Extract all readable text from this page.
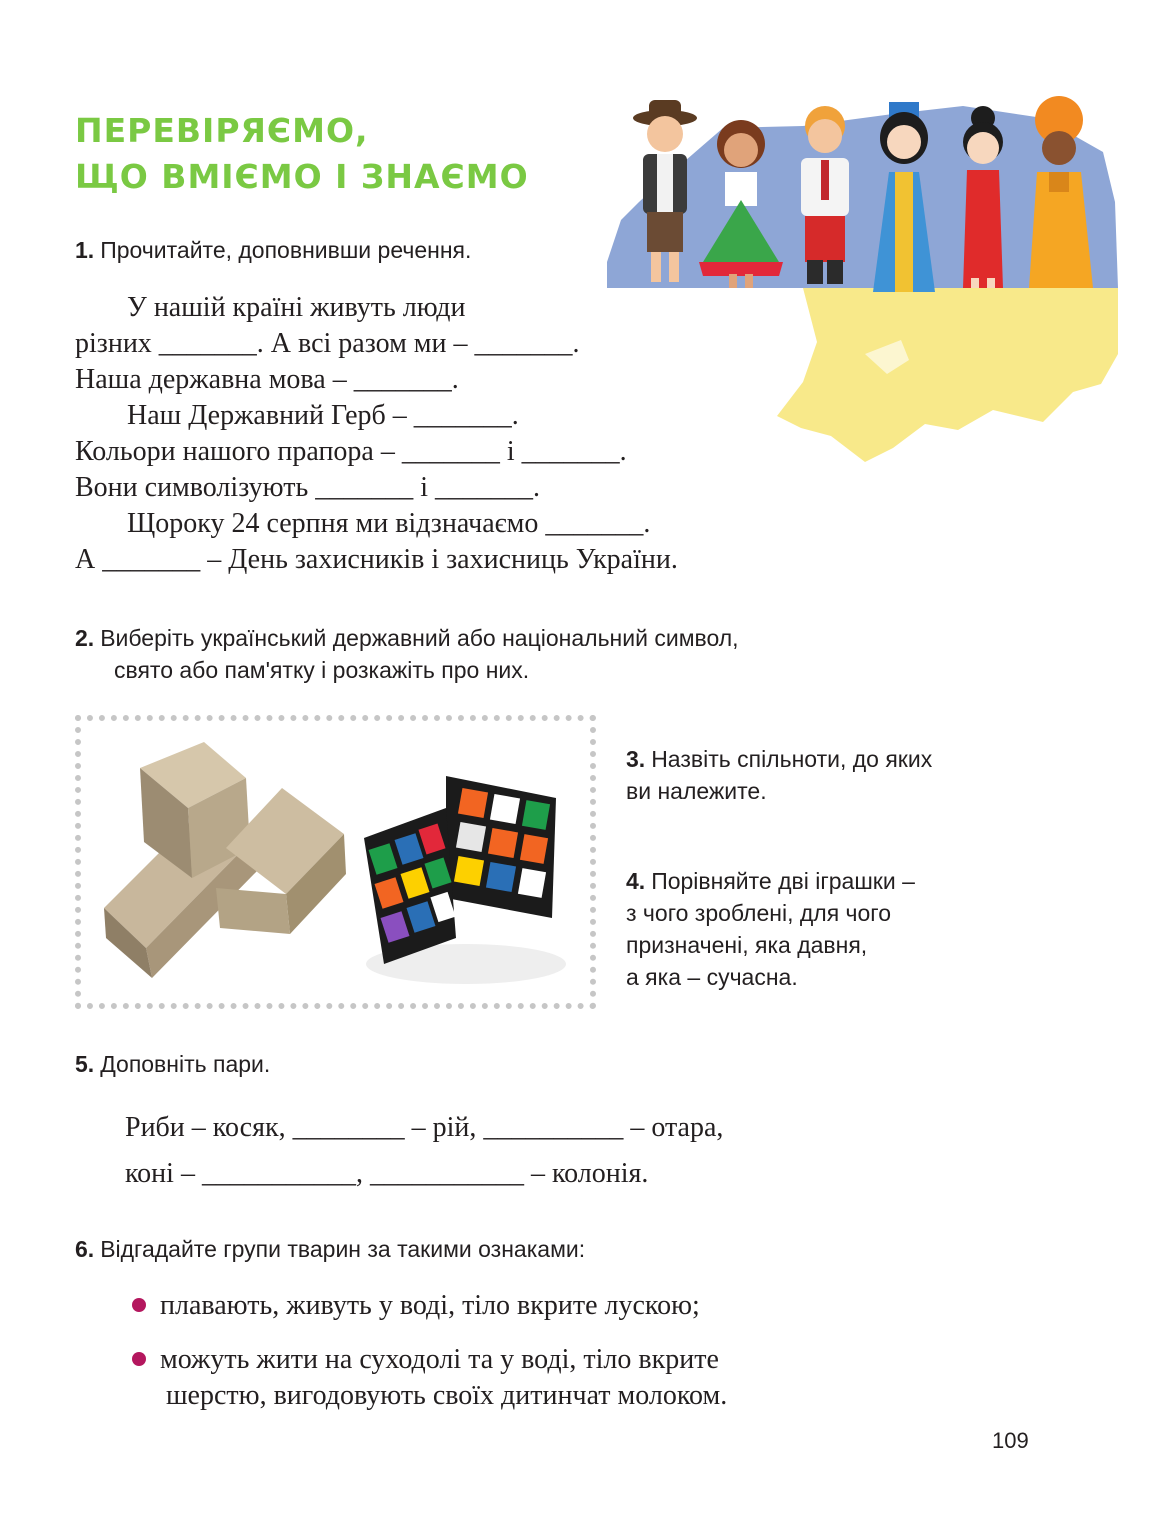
ПЕРЕВІРЯЄМО,
ЩО ВМІЄМО І ЗНАЄМО
1. Прочитайте, доповнивши речення.
У нашій країні живуть люди
різних _______. А всі разом ми – _______.
Наша державна мова – _______.
Наш Державний Герб – _______.
Кольори нашого прапора – _______ і _______.
Вони символізують _______ і _______.
Щороку 24 серпня ми відзначаємо _______.
А _______ – День захисників і захисниць України.
2. Виберіть український державний або національний символ,
свято або пам'ятку і розкажіть про них.
3. Назвіть спільноти, до яких
ви належите.
4. Порівняйте дві іграшки –
з чого зроблені, для чого
призначені, яка давня,
а яка – сучасна.
5. Доповніть пари.
Риби – косяк, ________ – рій, __________ – отара,
коні – ___________, ___________ – колонія.
6. Відгадайте групи тварин за такими ознаками:
плавають, живуть у воді, тіло вкрите лускою;
можуть жити на суходолі та у воді, тіло вкрите
шерстю, вигодовують своїх дитинчат молоком.
109
